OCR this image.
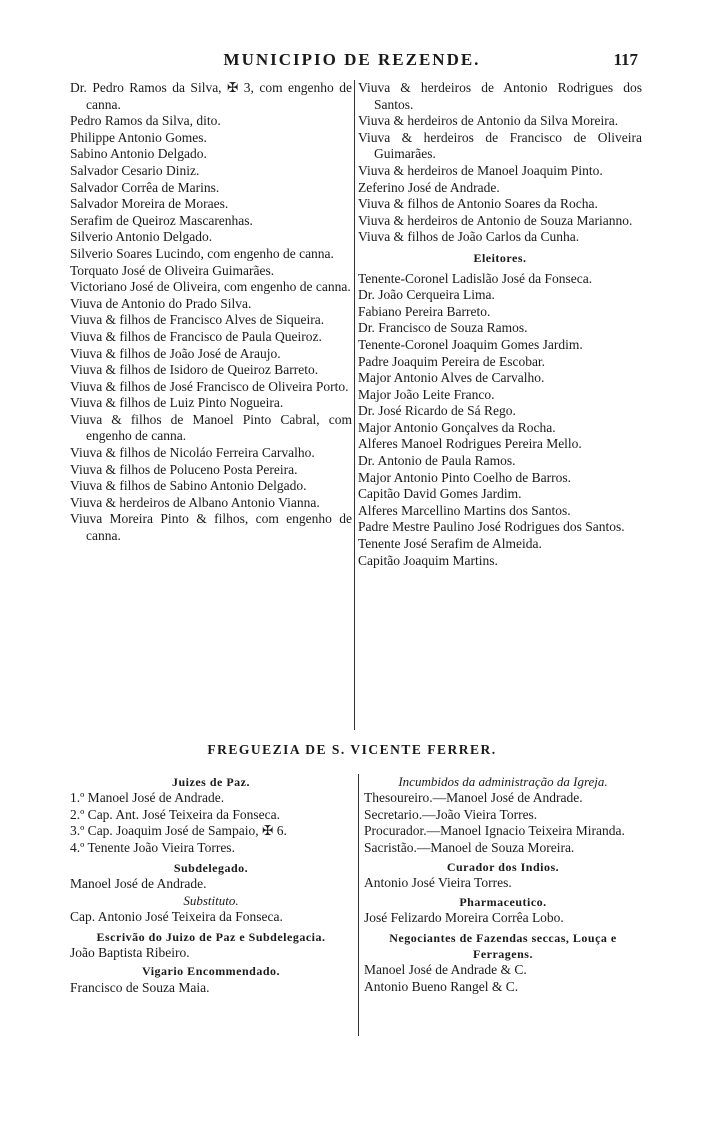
MUNICIPIO DE REZENDE.	117
Dr. Pedro Ramos da Silva, ✠ 3, com engenho de canna.
Pedro Ramos da Silva, dito.
Philippe Antonio Gomes.
Sabino Antonio Delgado.
Salvador Cesario Diniz.
Salvador Corrêa de Marins.
Salvador Moreira de Moraes.
Serafim de Queiroz Mascarenhas.
Silverio Antonio Delgado.
Silverio Soares Lucindo, com engenho de canna.
Torquato José de Oliveira Guimarães.
Victoriano José de Oliveira, com engenho de canna.
Viuva de Antonio do Prado Silva.
Viuva & filhos de Francisco Alves de Siqueira.
Viuva & filhos de Francisco de Paula Queiroz.
Viuva & filhos de João José de Araujo.
Viuva & filhos de Isidoro de Queiroz Barreto.
Viuva & filhos de José Francisco de Oliveira Porto.
Viuva & filhos de Luiz Pinto Nogueira.
Viuva & filhos de Manoel Pinto Cabral, com engenho de canna.
Viuva & filhos de Nicoláo Ferreira Carvalho.
Viuva & filhos de Poluceno Posta Pereira.
Viuva & filhos de Sabino Antonio Delgado.
Viuva & herdeiros de Albano Antonio Vianna.
Viuva Moreira Pinto & filhos, com engenho de canna.
Viuva & herdeiros de Antonio Rodrigues dos Santos.
Viuva & herdeiros de Antonio da Silva Moreira.
Viuva & herdeiros de Francisco de Oliveira Guimarães.
Viuva & herdeiros de Manoel Joaquim Pinto.
Zeferino José de Andrade.
Viuva & filhos de Antonio Soares da Rocha.
Viuva & herdeiros de Antonio de Souza Marianno.
Viuva & filhos de João Carlos da Cunha.
Eleitores.
Tenente-Coronel Ladislão José da Fonseca.
Dr. João Cerqueira Lima.
Fabiano Pereira Barreto.
Dr. Francisco de Souza Ramos.
Tenente-Coronel Joaquim Gomes Jardim.
Padre Joaquim Pereira de Escobar.
Major Antonio Alves de Carvalho.
Major João Leite Franco.
Dr. José Ricardo de Sá Rego.
Major Antonio Gonçalves da Rocha.
Alferes Manoel Rodrigues Pereira Mello.
Dr. Antonio de Paula Ramos.
Major Antonio Pinto Coelho de Barros.
Capitão David Gomes Jardim.
Alferes Marcellino Martins dos Santos.
Padre Mestre Paulino José Rodrigues dos Santos.
Tenente José Serafim de Almeida.
Capitão Joaquim Martins.
FREGUEZIA DE S. VICENTE FERRER.
Juizes de Paz.
1.º Manoel José de Andrade.
2.º Cap. Ant. José Teixeira da Fonseca.
3.º Cap. Joaquim José de Sampaio, ✠ 6.
4.º Tenente João Vieira Torres.
Subdelegado.
Manoel José de Andrade.
Substituto.
Cap. Antonio José Teixeira da Fonseca.
Escrivão do Juizo de Paz e Subdelegacia.
João Baptista Ribeiro.
Vigario Encommendado.
Francisco de Souza Maia.
Incumbidos da administração da Igreja.
Thesoureiro.—Manoel José de Andrade.
Secretario.—João Vieira Torres.
Procurador.—Manoel Ignacio Teixeira Miranda.
Sacristão.—Manoel de Souza Moreira.
Curador dos Indios.
Antonio José Vieira Torres.
Pharmaceutico.
José Felizardo Moreira Corrêa Lobo.
Negociantes de Fazendas seccas, Louça e Ferragens.
Manoel José de Andrade & C.
Antonio Bueno Rangel & C.
